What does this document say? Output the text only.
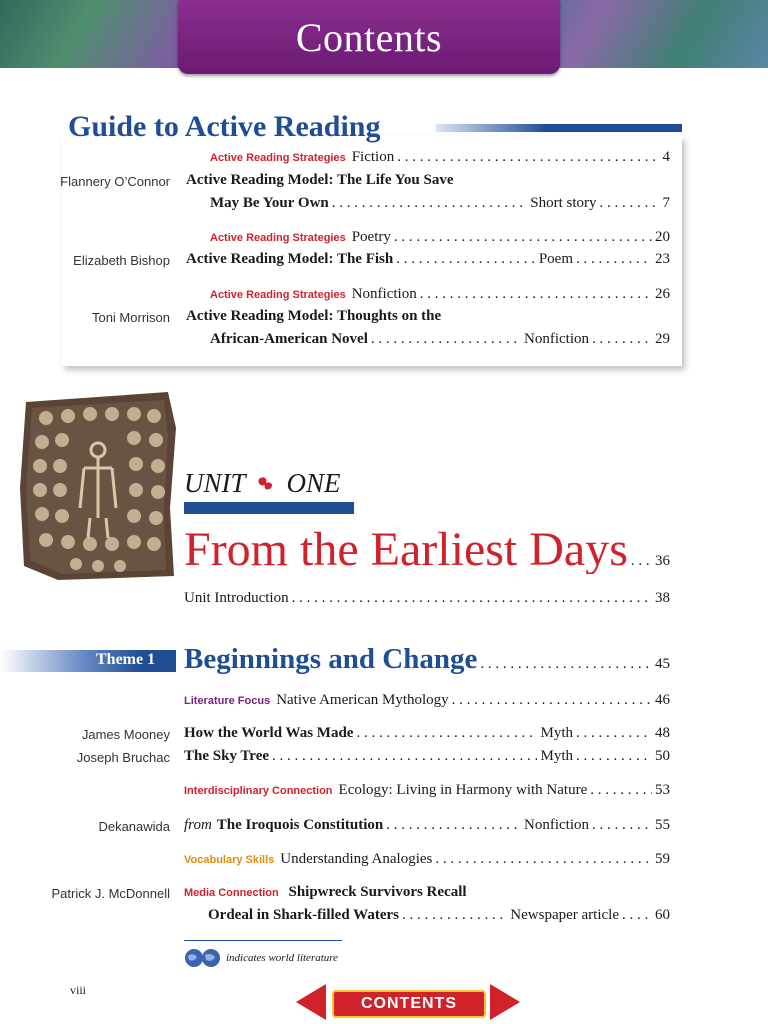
Contents
Guide to Active Reading
Active Reading Strategies Fiction . . .	4
Flannery O’Connor Active Reading Model: The Life You Save
May Be Your Own . . .	Short story . . .	7
Active Reading Strategies Poetry . . .	20
Elizabeth Bishop Active Reading Model: The Fish . . .	Poem . . .	23
Active Reading Strategies Nonfiction . . .	26
Toni Morrison Active Reading Model: Thoughts on the
African-American Novel . . .	Nonfiction . . .	29
UNIT ONE
From the Earliest Days . . . 36
Unit Introduction . . .	38
Theme 1 Beginnings and Change . . .	45
Literature Focus Native American Mythology . . .	46
James Mooney How the World Was Made . . .	Myth . . .	48
Joseph Bruchac The Sky Tree . . .	Myth . . .	50
Interdisciplinary Connection Ecology: Living in Harmony with Nature . . .	53
Dekanawida from The Iroquois Constitution . . .	Nonfiction . . .	55
Vocabulary Skills Understanding Analogies . . .	59
Patrick J. McDonnell Media Connection Shipwreck Survivors Recall
Ordeal in Shark-filled Waters . . .	Newspaper article . . . 60
indicates world literature
viii
CONTENTS
